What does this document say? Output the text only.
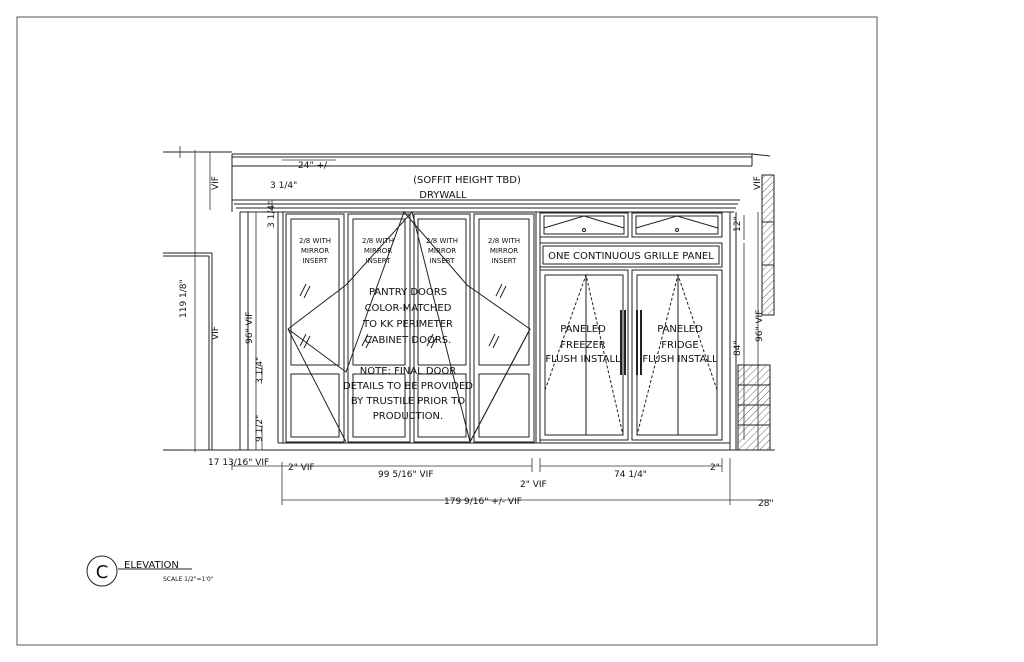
(SOFFIT HEIGHT TBD)
DRYWALL
2/8 WITH
MIRROR
INSERT
2/8 WITH
MIRROR
INSERT
2/8 WITH
MIRROR
INSERT
2/8 WITH
MIRROR
INSERT
PANTRY DOORS
COLOR-MATCHED
TO KK PERIMETER
CABINET DOORS.
NOTE: FINAL DOOR
DETAILS TO BE PROVIDED
BY TRUSTILE PRIOR TO
PRODUCTION.
ONE CONTINUOUS GRILLE PANEL
PANELED
FREEZER
FLUSH INSTALL
PANELED
FRIDGE
FLUSH INSTALL
24" +/-
3 1/4"
3 1/4"
VIF
119 1/8"
VIF	96" VIF
3 1/4"
9 1/2"
17 13/16" VIF 2" VIF
99 5/16" VIF
2" VIF
74 1/4"
2"
179 9/16" +/- VIF	28"
VIF
12"
84"
96" VIF
C ELEVATION
SCALE 1/2"=1'0"
